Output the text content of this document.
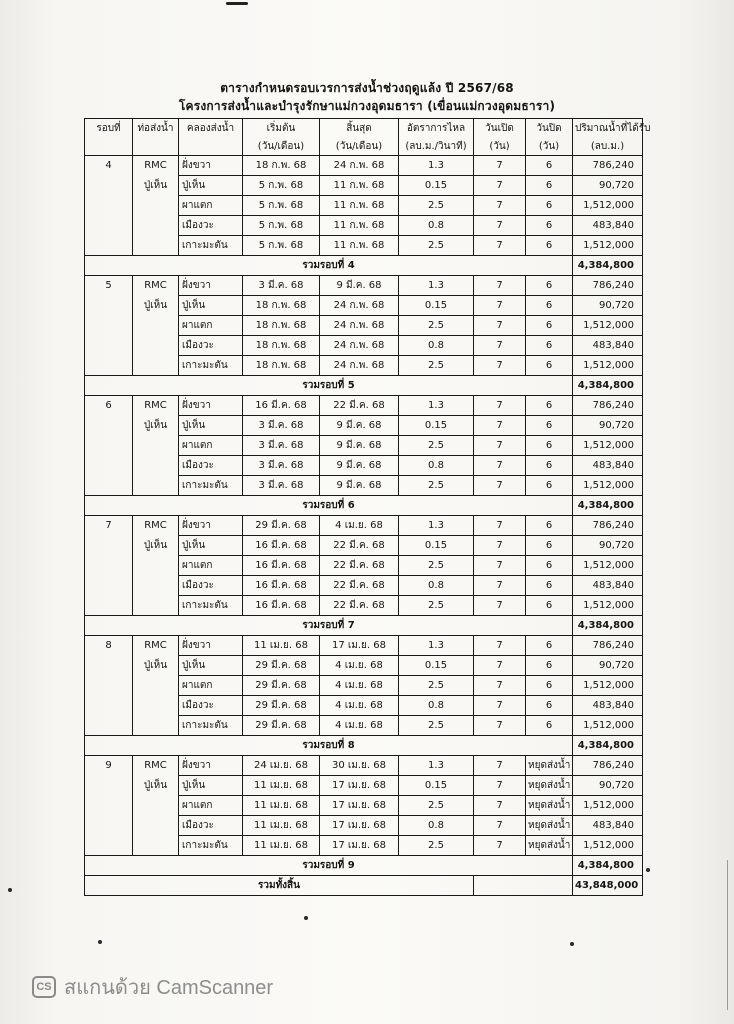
ตารางกำหนดรอบเวรการส่งน้ำช่วงฤดูแล้ง ปี 2567/68
โครงการส่งน้ำและบำรุงรักษาแม่กวงอุดมธารา (เขื่อนแม่กวงอุดมธารา)
รอบที่	ท่อส่งน้ำ	คลองส่งน้ำ	เริ่มต้น	สิ้นสุด	อัตราการไหล	วันเปิด	วันปิด	ปริมาณน้ำที่ได้รับ
			(วัน/เดือน)	(วัน/เดือน)	(ลบ.ม./วินาที)	(วัน)	(วัน)	(ลบ.ม.)
4	RMC	ฝั่งขวา	18 ก.พ. 68	24 ก.พ. 68	1.3	7	6	786,240
	ปู่เห็น	ปู่เห็น	5 ก.พ. 68	11 ก.พ. 68	0.15	7	6	90,720
		ผาแตก	5 ก.พ. 68	11 ก.พ. 68	2.5	7	6	1,512,000
		เมืองวะ	5 ก.พ. 68	11 ก.พ. 68	0.8	7	6	483,840
		เกาะมะตัน	5 ก.พ. 68	11 ก.พ. 68	2.5	7	6	1,512,000
รวมรอบที่ 4								4,384,800
5	RMC	ฝั่งขวา	3 มี.ค. 68	9 มี.ค. 68	1.3	7	6	786,240
	ปู่เห็น	ปู่เห็น	18 ก.พ. 68	24 ก.พ. 68	0.15	7	6	90,720
		ผาแตก	18 ก.พ. 68	24 ก.พ. 68	2.5	7	6	1,512,000
		เมืองวะ	18 ก.พ. 68	24 ก.พ. 68	0.8	7	6	483,840
		เกาะมะตัน	18 ก.พ. 68	24 ก.พ. 68	2.5	7	6	1,512,000
รวมรอบที่ 5								4,384,800
6	RMC	ฝั่งขวา	16 มี.ค. 68	22 มี.ค. 68	1.3	7	6	786,240
	ปู่เห็น	ปู่เห็น	3 มี.ค. 68	9 มี.ค. 68	0.15	7	6	90,720
		ผาแตก	3 มี.ค. 68	9 มี.ค. 68	2.5	7	6	1,512,000
		เมืองวะ	3 มี.ค. 68	9 มี.ค. 68	0.8	7	6	483,840
		เกาะมะตัน	3 มี.ค. 68	9 มี.ค. 68	2.5	7	6	1,512,000
รวมรอบที่ 6								4,384,800
7	RMC	ฝั่งขวา	29 มี.ค. 68	4 เม.ย. 68	1.3	7	6	786,240
	ปู่เห็น	ปู่เห็น	16 มี.ค. 68	22 มี.ค. 68	0.15	7	6	90,720
		ผาแตก	16 มี.ค. 68	22 มี.ค. 68	2.5	7	6	1,512,000
		เมืองวะ	16 มี.ค. 68	22 มี.ค. 68	0.8	7	6	483,840
		เกาะมะตัน	16 มี.ค. 68	22 มี.ค. 68	2.5	7	6	1,512,000
รวมรอบที่ 7								4,384,800
8	RMC	ฝั่งขวา	11 เม.ย. 68	17 เม.ย. 68	1.3	7	6	786,240
	ปู่เห็น	ปู่เห็น	29 มี.ค. 68	4 เม.ย. 68	0.15	7	6	90,720
		ผาแตก	29 มี.ค. 68	4 เม.ย. 68	2.5	7	6	1,512,000
		เมืองวะ	29 มี.ค. 68	4 เม.ย. 68	0.8	7	6	483,840
		เกาะมะตัน	29 มี.ค. 68	4 เม.ย. 68	2.5	7	6	1,512,000
รวมรอบที่ 8								4,384,800
9	RMC	ฝั่งขวา	24 เม.ย. 68	30 เม.ย. 68	1.3	7	หยุดส่งน้ำ	786,240
	ปู่เห็น	ปู่เห็น	11 เม.ย. 68	17 เม.ย. 68	0.15	7	หยุดส่งน้ำ	90,720
		ผาแตก	11 เม.ย. 68	17 เม.ย. 68	2.5	7	หยุดส่งน้ำ	1,512,000
		เมืองวะ	11 เม.ย. 68	17 เม.ย. 68	0.8	7	หยุดส่งน้ำ	483,840
		เกาะมะตัน	11 เม.ย. 68	17 เม.ย. 68	2.5	7	หยุดส่งน้ำ	1,512,000
รวมรอบที่ 9								4,384,800
รวมทั้งสิ้น								43,848,000
CS สแกนด้วย CamScanner
